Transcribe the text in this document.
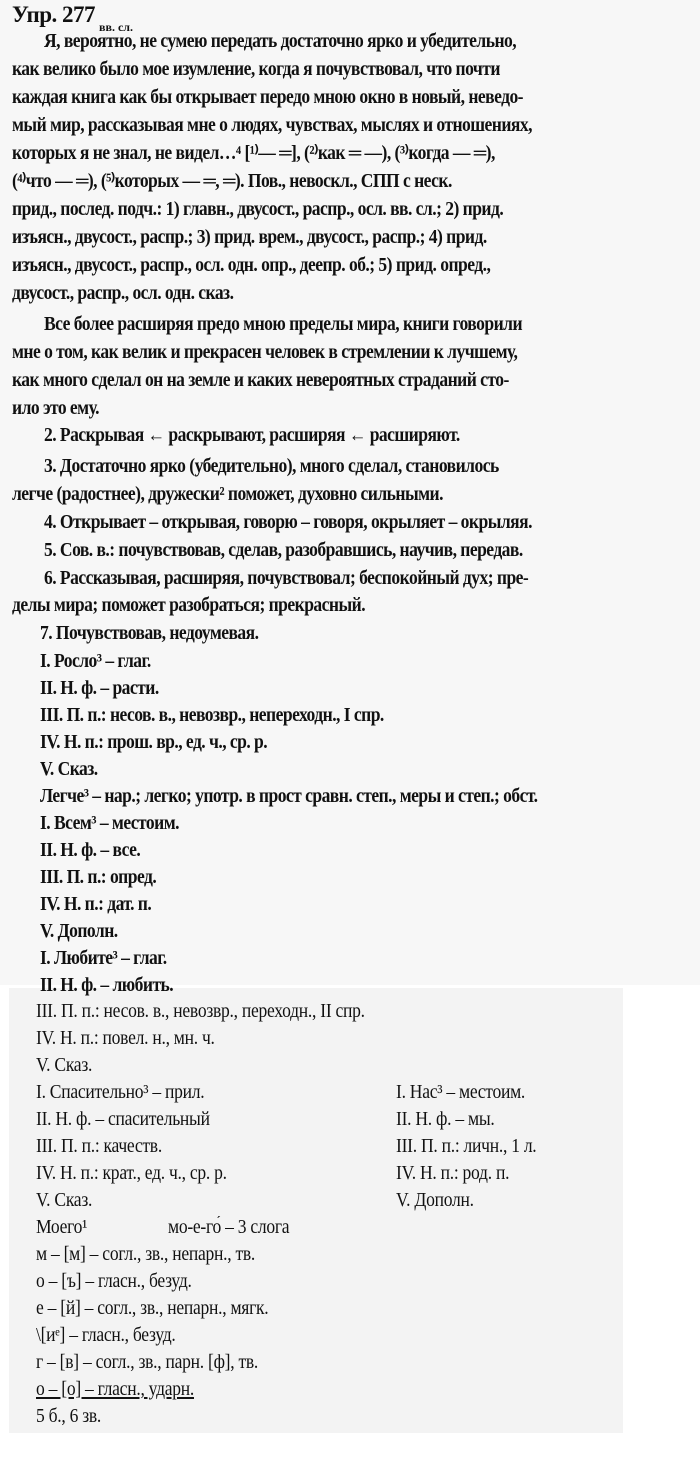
Упр. 277 вв. сл.
Я, вероятно, не сумею передать достаточно ярко и убедительно,
как велико было мое изумление, когда я почувствовал, что почти
каждая книга как бы открывает передо мною окно в новый, неведо-
мый мир, рассказывая мне о людях, чувствах, мыслях и отношениях,
которых я не знал, не видел…⁴ [¹⁾— ═], (²⁾как ═ —), (³⁾когда — ═),
(⁴⁾что — ═), (⁵⁾которых — ═, ═). Пов., невоскл., СПП с неск.
прид., послед. подч.: 1) главн., двусост., распр., осл. вв. сл.; 2) прид.
изъясн., двусост., распр.; 3) прид. врем., двусост., распр.; 4) прид.
изъясн., двусост., распр., осл. одн. опр., деепр. об.; 5) прид. опред.,
двусост., распр., осл. одн. сказ.
Все более расширяя предо мною пределы мира, книги говорили
мне о том, как велик и прекрасен человек в стремлении к лучшему,
как много сделал он на земле и каких невероятных страданий сто-
ило это ему.
2. Раскрывая ← раскрывают, расширяя ← расширяют.
3. Достаточно ярко (убедительно), много сделал, становилось
легче (радостнее), дружески² поможет, духовно сильными.
4. Открывает – открывая, говорю – говоря, окрыляет – окрыляя.
5. Сов. в.: почувствовав, сделав, разобравшись, научив, передав.
6. Рассказывая, расширяя, почувствовал; беспокойный дух; пре-
делы мира; поможет разобраться; прекрасный.
7. Почувствовав, недоумевая.
I. Росло³ – глаг.
II. Н. ф. – расти.
III. П. п.: несов. в., невозвр., непереходн., I спр.
IV. Н. п.: прош. вр., ед. ч., ср. р.
V. Сказ.
Легче³ – нар.; легко; употр. в прост сравн. степ., меры и степ.; обст.
I. Всем³ – местоим.
II. Н. ф. – все.
III. П. п.: опред.
IV. Н. п.: дат. п.
V. Дополн.
I. Любите³ – глаг.
II. Н. ф. – любить.
III. П. п.: несов. в., невозвр., переходн., II спр.
IV. Н. п.: повел. н., мн. ч.
V. Сказ.
I. Спасительно³ – прил.
II. Н. ф. – спасительный
III. П. п.: качеств.
IV. Н. п.: крат., ед. ч., ср. р.
V. Сказ.
I. Нас³ – местоим.
II. Н. ф. – мы.
III. П. п.: личн., 1 л.
IV. Н. п.: род. п.
V. Дополн.
Моего¹	мо-е-го́ – 3 слога
м – [м] – согл., зв., непарн., тв.
о – [ъ] – гласн., безуд.
е – [й] – согл., зв., непарн., мягк.
\[иᵉ] – гласн., безуд.
г – [в] – согл., зв., парн. [ф], тв.
о – [о] – гласн., ударн.
5 б., 6 зв.
